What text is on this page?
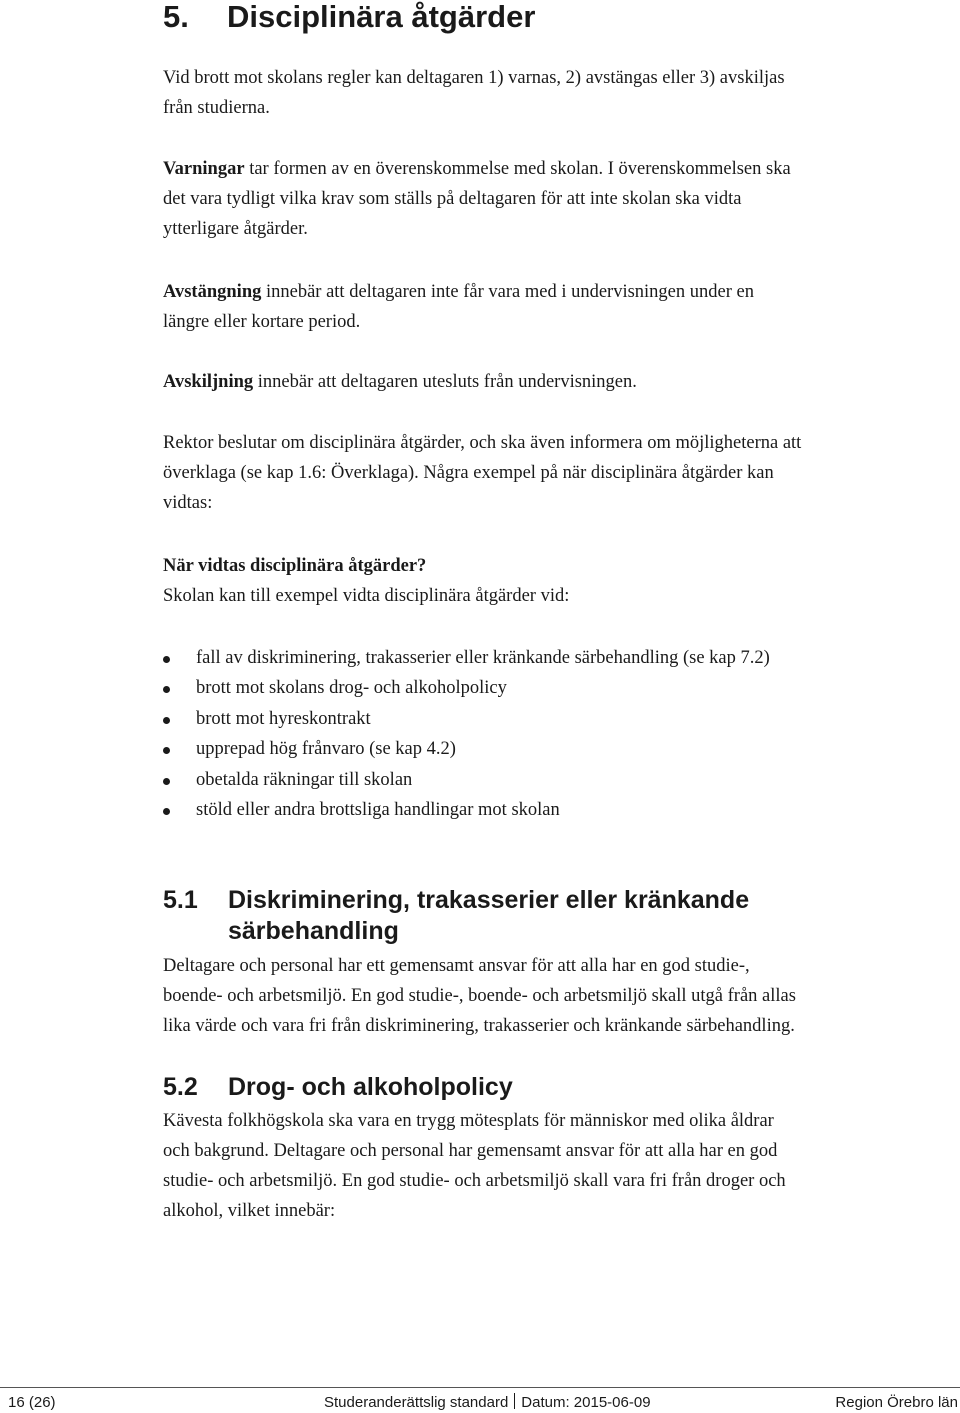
5. Disciplinära åtgärder
Vid brott mot skolans regler kan deltagaren 1) varnas, 2) avstängas eller 3) avskiljas
från studierna.
Varningar tar formen av en överenskommelse med skolan. I överenskommelsen ska
det vara tydligt vilka krav som ställs på deltagaren för att inte skolan ska vidta
ytterligare åtgärder.
Avstängning innebär att deltagaren inte får vara med i undervisningen under en
längre eller kortare period.
Avskiljning innebär att deltagaren utesluts från undervisningen.
Rektor beslutar om disciplinära åtgärder, och ska även informera om möjligheterna att
överklaga (se kap 1.6: Överklaga). Några exempel på när disciplinära åtgärder kan
vidtas:
När vidtas disciplinära åtgärder?
Skolan kan till exempel vidta disciplinära åtgärder vid:
fall av diskriminering, trakasserier eller kränkande särbehandling (se kap 7.2)
brott mot skolans drog- och alkoholpolicy
brott mot hyreskontrakt
upprepad hög frånvaro (se kap 4.2)
obetalda räkningar till skolan
stöld eller andra brottsliga handlingar mot skolan
5.1	Diskriminering, trakasserier eller kränkande särbehandling
Deltagare och personal har ett gemensamt ansvar för att alla har en god studie-,
boende- och arbetsmiljö. En god studie-, boende- och arbetsmiljö skall utgå från allas
lika värde och vara fri från diskriminering, trakasserier och kränkande särbehandling.
5.2	Drog- och alkoholpolicy
Kävesta folkhögskola ska vara en trygg mötesplats för människor med olika åldrar
och bakgrund. Deltagare och personal har gemensamt ansvar för att alla har en god
studie- och arbetsmiljö. En god studie- och arbetsmiljö skall vara fri från droger och
alkohol, vilket innebär:
16 (26)	Studeranderättslig standard Datum: 2015-06-09	Region Örebro län
